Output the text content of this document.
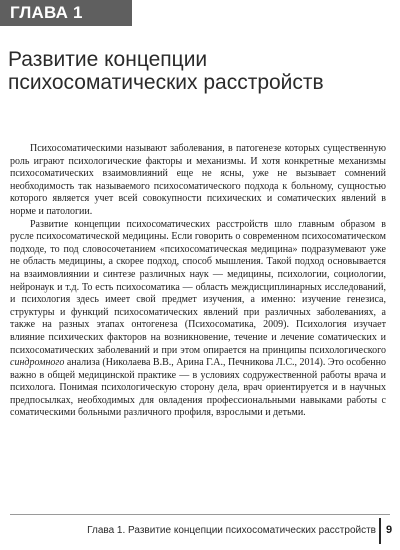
ГЛАВА 1
Развитие концепции психосоматических расстройств

Психосоматическими называют заболевания, в патогенезе которых существенную роль играют психологические факторы и механизмы. И хотя конкретные механизмы психосоматических взаимовлияний еще не ясны, уже не вызывает сомнений необходимость так называемого психосоматического подхода к больному, сущностью которого является учет всей совокупности психических и соматических явлений в норме и патологии.

Развитие концепции психосоматических расстройств шло главным образом в русле психосоматической медицины. Если говорить о современном психосоматическом подходе, то под словосочетанием «психосоматическая медицина» подразумевают уже не область медицины, а скорее подход, способ мышления. Такой подход основывается на взаимовлиянии и синтезе различных наук — медицины, психологии, социологии, нейронаук и т.д. То есть психосоматика — область междисциплинарных исследований, и психология здесь имеет свой предмет изучения, а именно: изучение генезиса, структуры и функций психосоматических явлений при различных заболеваниях, а также на разных этапах онтогенеза (Психосоматика, 2009). Психология изучает влияние психических факторов на возникновение, течение и лечение соматических и психосоматических заболеваний и при этом опирается на принципы психологического синдромного анализа (Николаева В.В., Арина Г.А., Печникова Л.С., 2014). Это особенно важно в общей медицинской практике — в условиях содружественной работы врача и психолога. Понимая психологическую сторону дела, врач ориентируется и в научных предпосылках, необходимых для овладения профессиональными навыками работы с соматическими больными различного профиля, взрослыми и детьми.

Глава 1. Развитие концепции психосоматических расстройств 9
